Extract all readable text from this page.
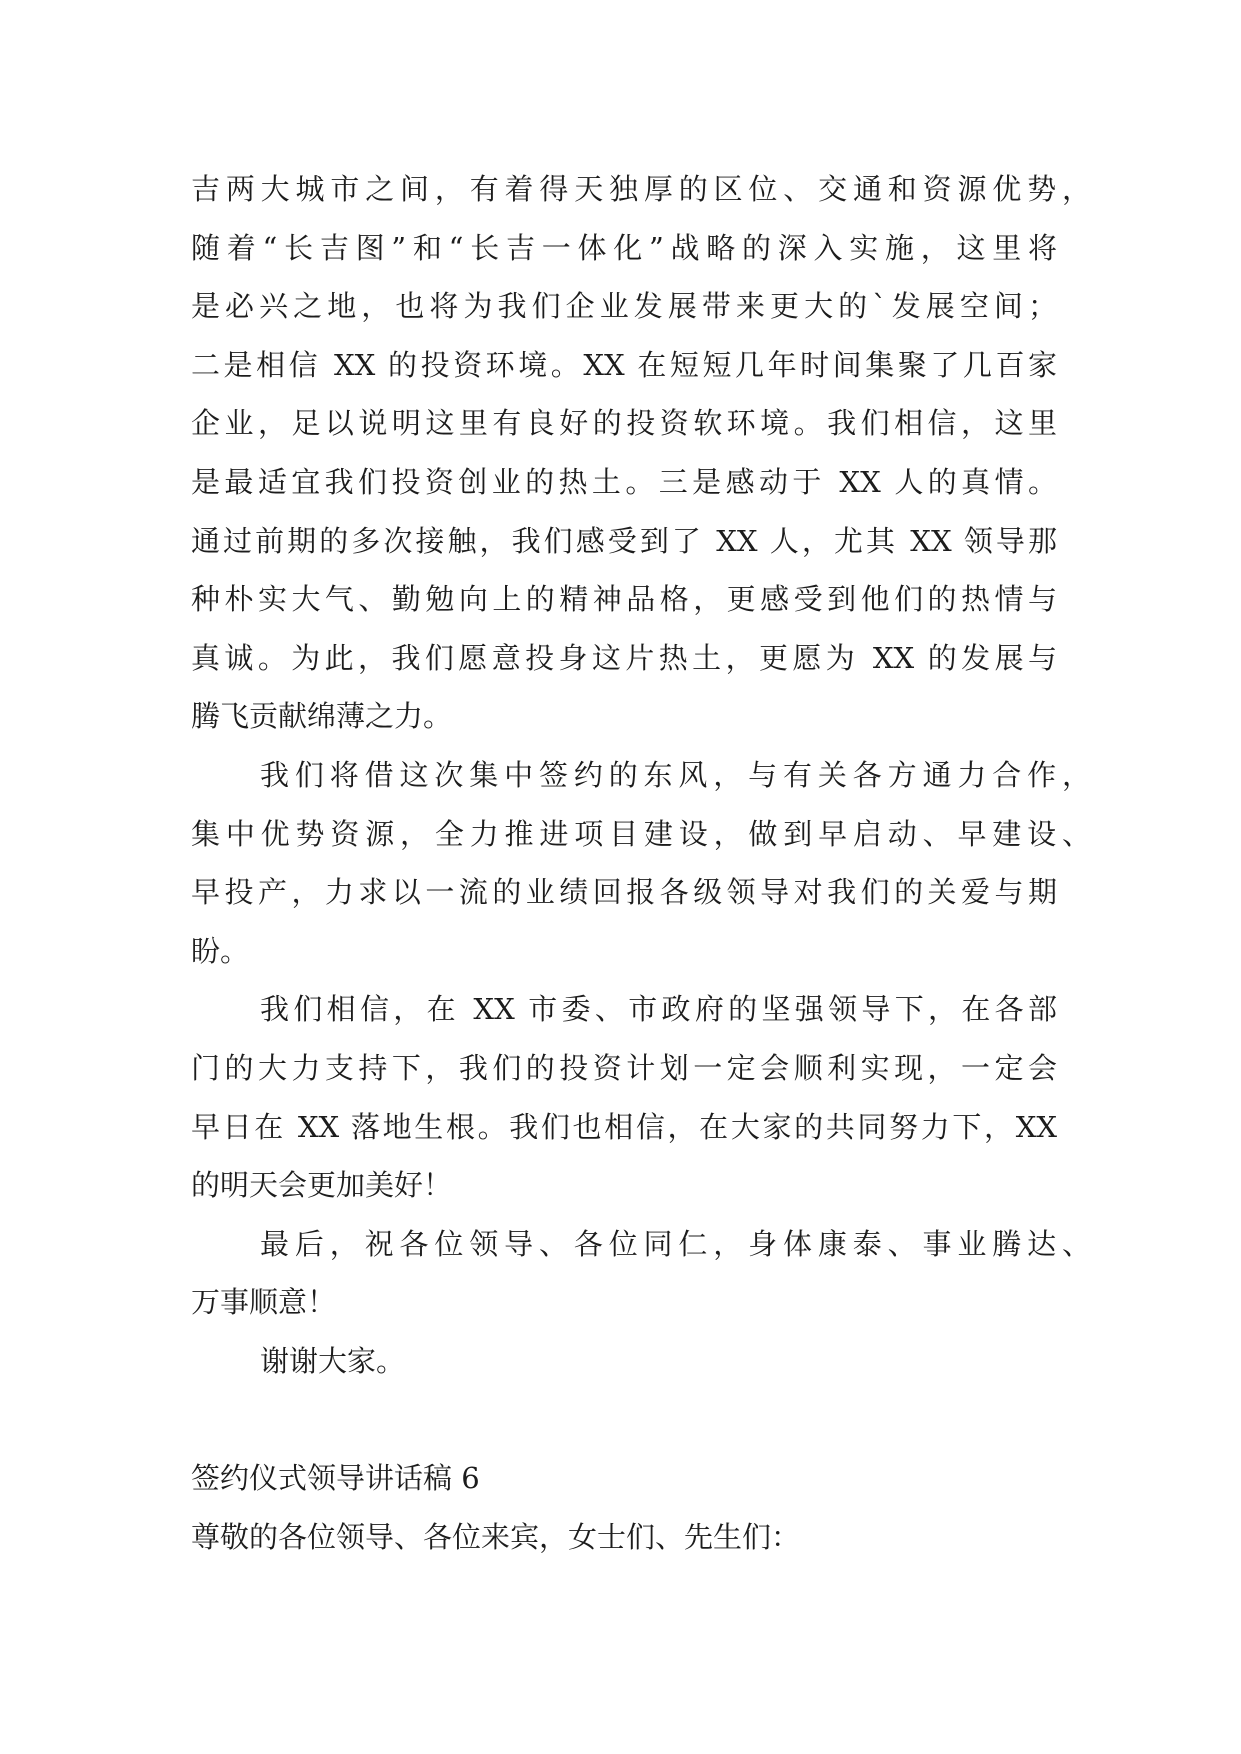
吉两大城市之间，有着得天独厚的区位、交通和资源优势，
随着“长吉图”和“长吉一体化”战略的深入实施，这里将
是必兴之地，也将为我们企业发展带来更大的`发展空间；
二是相信 XX 的投资环境。XX 在短短几年时间集聚了几百家
企业，足以说明这里有良好的投资软环境。我们相信，这里
是最适宜我们投资创业的热土。三是感动于 XX 人的真情。
通过前期的多次接触，我们感受到了 XX 人，尤其 XX 领导那
种朴实大气、勤勉向上的精神品格，更感受到他们的热情与
真诚。为此，我们愿意投身这片热土，更愿为 XX 的发展与
腾飞贡献绵薄之力。
我们将借这次集中签约的东风，与有关各方通力合作，
集中优势资源，全力推进项目建设，做到早启动、早建设、
早投产，力求以一流的业绩回报各级领导对我们的关爱与期
盼。
我们相信，在 XX 市委、市政府的坚强领导下，在各部
门的大力支持下，我们的投资计划一定会顺利实现，一定会
早日在 XX 落地生根。我们也相信，在大家的共同努力下，XX
的明天会更加美好！
最后，祝各位领导、各位同仁，身体康泰、事业腾达、
万事顺意！
谢谢大家。
签约仪式领导讲话稿 6
尊敬的各位领导、各位来宾，女士们、先生们：
